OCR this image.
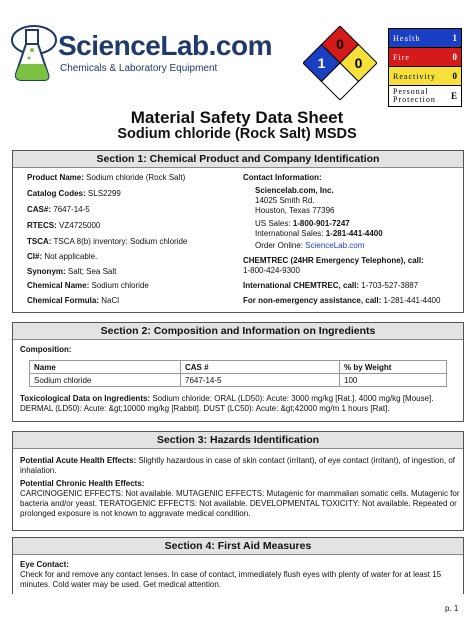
ScienceLab.com
Chemicals & Laboratory Equipment
0
1 0
Health	1
Fire	0
Reactivity 0
Personal
Protection E
Material Safety Data Sheet
Sodium chloride (Rock Salt) MSDS
Section 1: Chemical Product and Company Identification
Product Name: Sodium chloride (Rock Salt)
Catalog Codes: SLS2299
CAS#: 7647-14-5
RTECS: VZ4725000
TSCA: TSCA 8(b) inventory: Sodium chloride
CI#: Not applicable.
Synonym: Salt; Sea Salt
Chemical Name: Sodium chloride
Chemical Formula: NaCl
Contact Information:
Sciencelab.com, Inc.
14025 Smith Rd.
Houston, Texas 77396
US Sales: 1-800-901-7247
International Sales: 1-281-441-4400
Order Online: ScienceLab.com
CHEMTREC (24HR Emergency Telephone), call:
1-800-424-9300
International CHEMTREC, call: 1-703-527-3887
For non-emergency assistance, call: 1-281-441-4400
Section 2: Composition and Information on Ingredients
Composition:
Name	CAS #	% by Weight
Sodium chloride	7647-14-5	100
Toxicological Data on Ingredients: Sodium chloride: ORAL (LD50): Acute: 3000 mg/kg [Rat.]. 4000 mg/kg [Mouse].
DERMAL (LD50): Acute: &gt;10000 mg/kg [Rabbit]. DUST (LC50): Acute: &gt;42000 mg/m 1 hours [Rat].
Section 3: Hazards Identification
Potential Acute Health Effects: Slightly hazardous in case of skin contact (irritant), of eye contact (irritant), of ingestion, of
inhalation.
Potential Chronic Health Effects:
CARCINOGENIC EFFECTS: Not available. MUTAGENIC EFFECTS: Mutagenic for mammalian somatic cells. Mutagenic for
bacteria and/or yeast. TERATOGENIC EFFECTS: Not available. DEVELOPMENTAL TOXICITY: Not available. Repeated or
prolonged exposure is not known to aggravate medical condition.
Section 4: First Aid Measures
Eye Contact:
Check for and remove any contact lenses. In case of contact, immediately flush eyes with plenty of water for at least 15
minutes. Cold water may be used. Get medical attention.
p. 1
